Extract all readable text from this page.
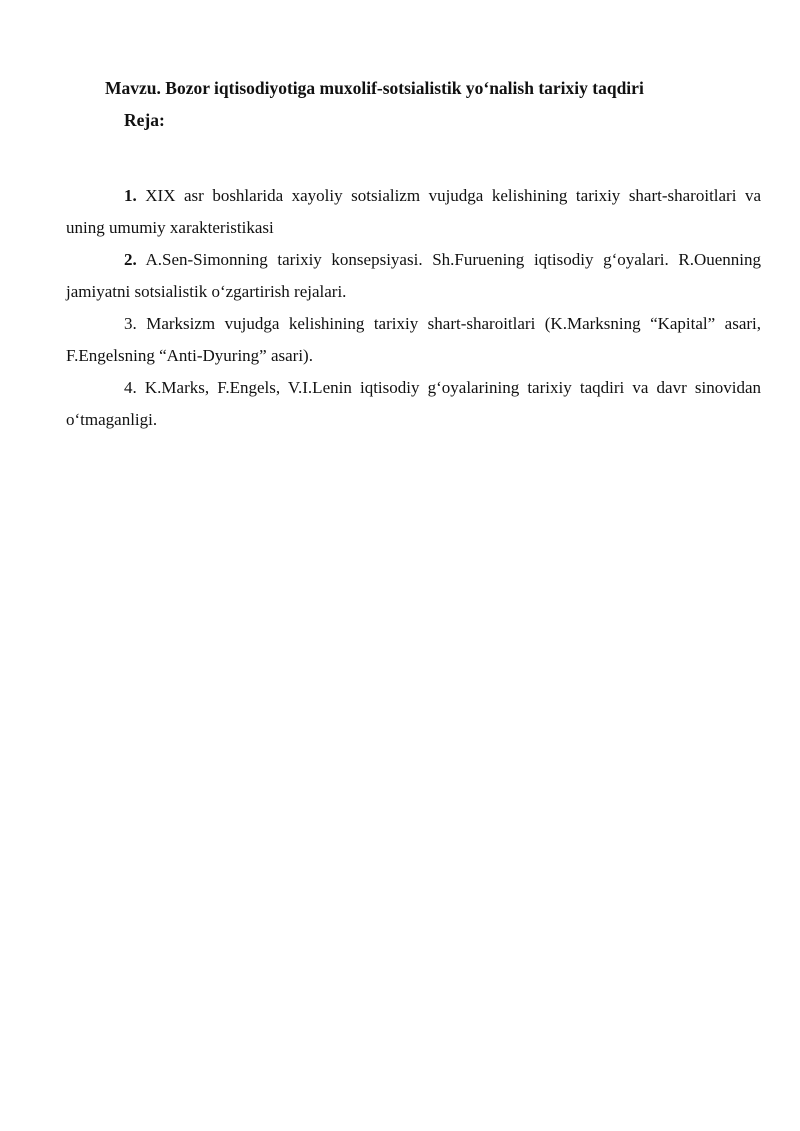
Mavzu. Bozor iqtisodiyotiga muxolif-sotsialistik yo‘nalish tarixiy taqdiri
Reja:
1. XIX asr boshlarida xayoliy sotsializm vujudga kelishining tarixiy shart-sharoitlari va uning umumiy xarakteristikasi
2. A.Sen-Simonning tarixiy konsepsiyasi. Sh.Furuening iqtisodiy g‘oyalari. R.Ouenning jamiyatni sotsialistik o‘zgartirish rejalari.
3. Marksizm vujudga kelishining tarixiy shart-sharoitlari (K.Marksning “Kapital” asari, F.Engelsning “Anti-Dyuring” asari).
4. K.Marks, F.Engels, V.I.Lenin iqtisodiy g‘oyalarining tarixiy taqdiri va davr sinovidan o‘tmaganligi.
